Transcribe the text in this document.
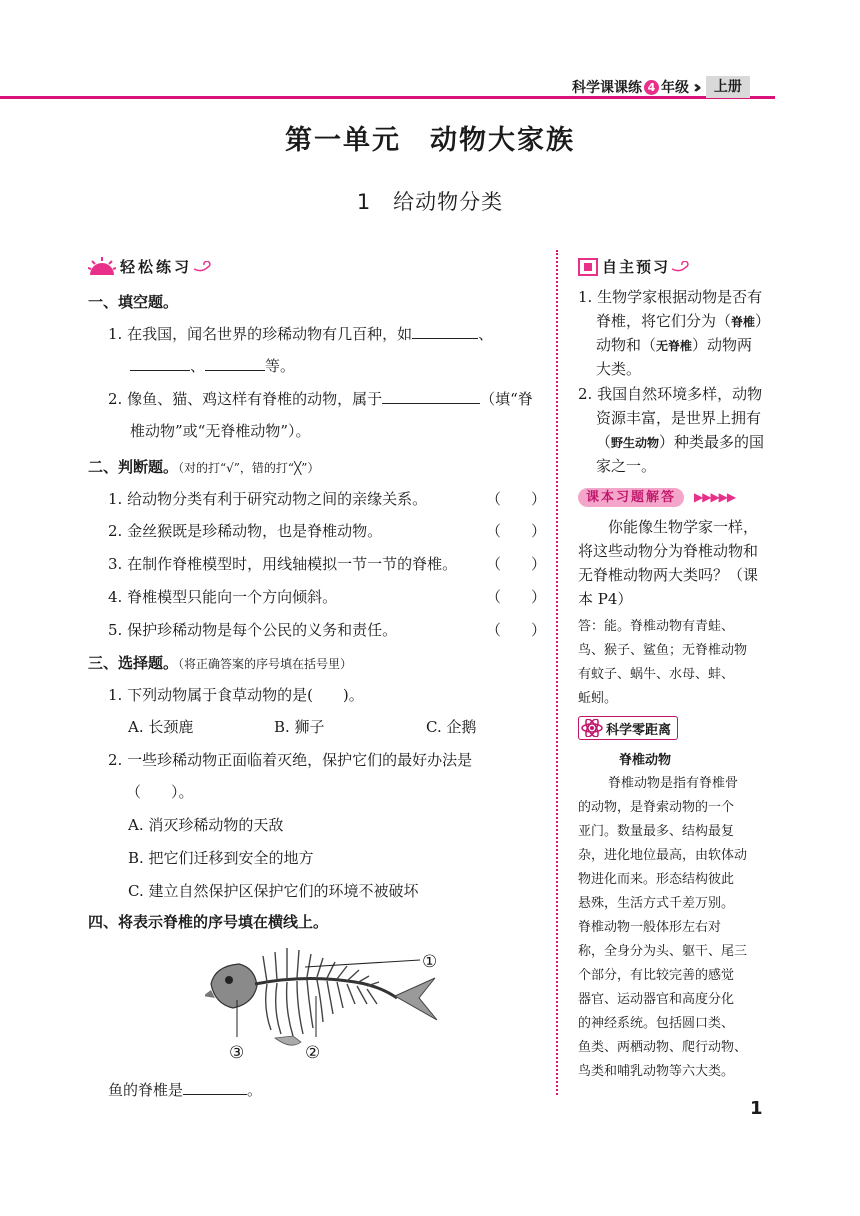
科学课课练 4 年级 ››	上册
第一单元　动物大家族
1　给动物分类
轻松练习
一、填空题。
1. 在我国，闻名世界的珍稀动物有几百种，如	、
、	等。
2. 像鱼、猫、鸡这样有脊椎的动物，属于	（填“脊
椎动物”或“无脊椎动物”）。
二、判断题。（对的打“√”，错的打“╳”）
1. 给动物分类有利于研究动物之间的亲缘关系。	（　　）
2. 金丝猴既是珍稀动物，也是脊椎动物。	（　　）
3. 在制作脊椎模型时，用线轴模拟一节一节的脊椎。 （　　）
4. 脊椎模型只能向一个方向倾斜。	（　　）
5. 保护珍稀动物是每个公民的义务和责任。	（　　）
三、选择题。（将正确答案的序号填在括号里）
1. 下列动物属于食草动物的是(　　)。
A. 长颈鹿	B. 狮子	C. 企鹅
2. 一些珍稀动物正面临着灭绝，保护它们的最好办法是
（　　）。
A. 消灭珍稀动物的天敌
B. 把它们迁移到安全的地方
C. 建立自然保护区保护它们的环境不被破坏
四、将表示脊椎的序号填在横线上。
①
③	②
鱼的脊椎是	。
自主预习
1. 生物学家根据动物是否有
脊椎，将它们分为（脊椎）
动物和（无脊椎）动物两
大类。
2. 我国自然环境多样，动物
资源丰富，是世界上拥有
（野生动物）种类最多的国
家之一。
课本习题解答	▶▶▶▶▶
你能像生物学家一样，
将这些动物分为脊椎动物和
无脊椎动物两大类吗？（课
本 P4）
答：能。脊椎动物有青蛙、
鸟、猴子、鲨鱼；无脊椎动物
有蚊子、蜗牛、水母、蚌、
蚯蚓。
科学零距离
脊椎动物
脊椎动物是指有脊椎骨
的动物，是脊索动物的一个
亚门。数量最多、结构最复
杂，进化地位最高，由软体动
物进化而来。形态结构彼此
悬殊，生活方式千差万别。
脊椎动物一般体形左右对
称，全身分为头、躯干、尾三
个部分，有比较完善的感觉
器官、运动器官和高度分化
的神经系统。包括圆口类、
鱼类、两栖动物、爬行动物、
鸟类和哺乳动物等六大类。
1
